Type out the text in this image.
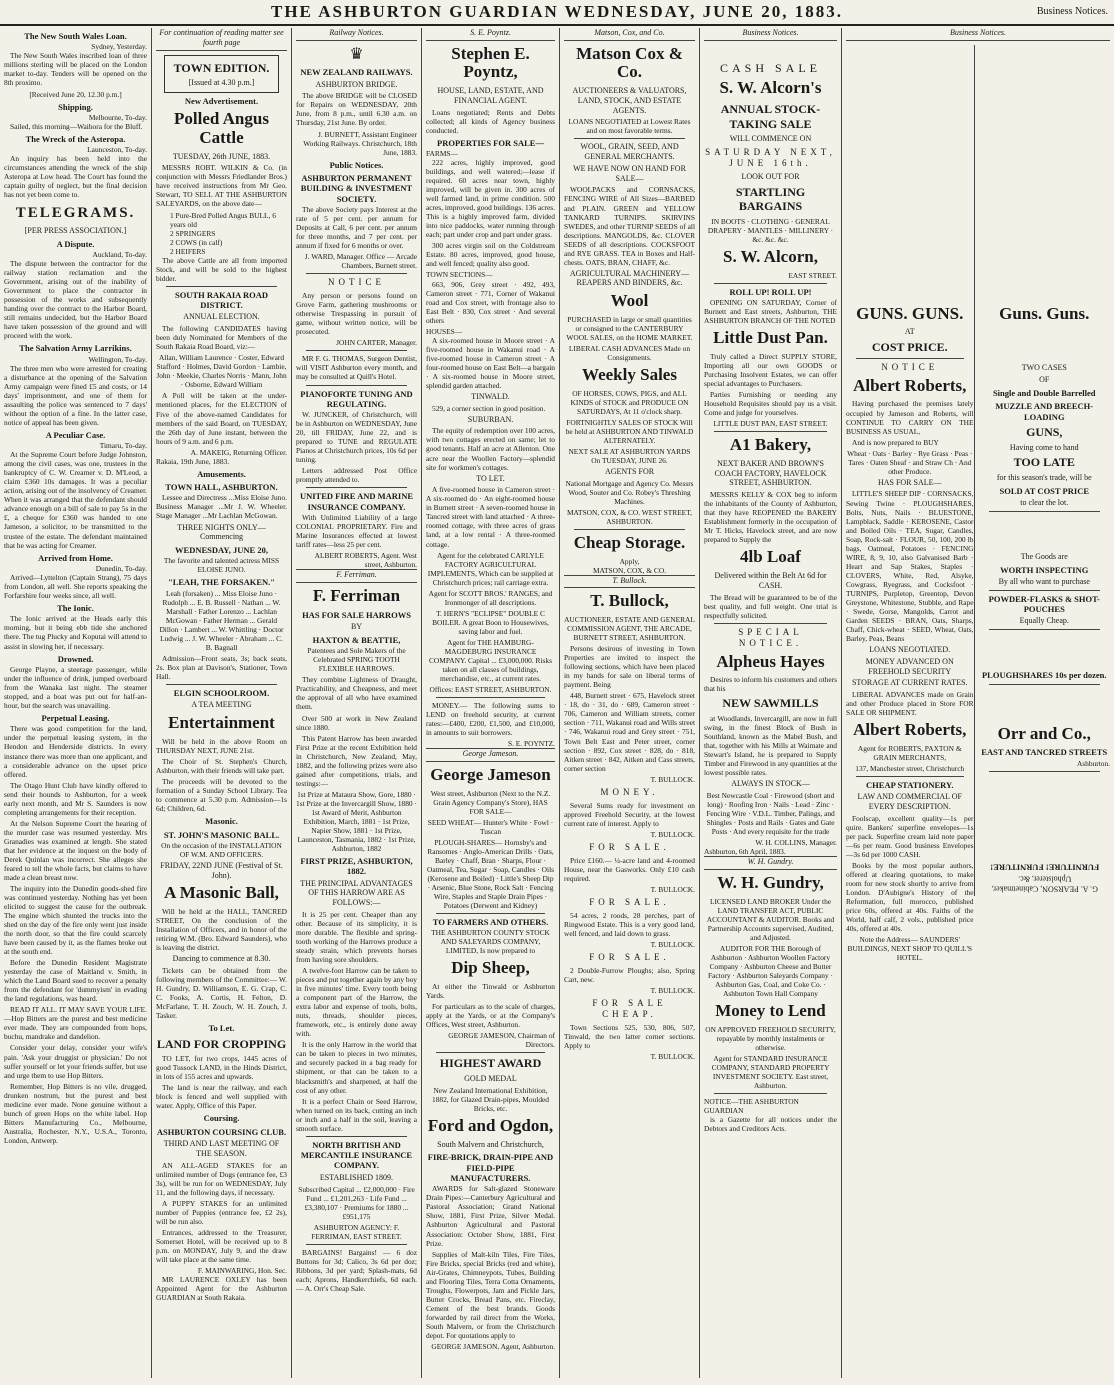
THE ASHBURTON GUARDIAN WEDNESDAY, JUNE 20, 1883.	Business Notices.
The New South Wales Loan.
Sydney, Yesterday.

The New South Wales inscribed loan of three millions sterling will be placed on the London market to-day. Tenders will be opened on the 8th proximo.

[Received June 20, 12.30 p.m.]

Shipping.
Melbourne, To-day.

Sailed, this morning—Waihora for the Bluff.

The Wreck of the Asteropa.
Launceston, To-day.

An inquiry has been held into the circumstances attending the wreck of the ship Asteropa at Low head. The Court has found the captain guilty of neglect, but the final decision has not yet been come to.

TELEGRAMS.
[PER PRESS ASSOCIATION.]
A Dispute.
Auckland, To-day.

The dispute between the contractor for the railway station reclamation and the Government, arising out of the inability of Government to place the contractor in possession of the works and subsequently handing over the contract to the Harbor Board, still remains undecided, but the Harbor Board have taken possession of the ground and will proceed with the work.

The Salvation Army Larrikins.
Wellington, To-day.

The three men who were arrested for creating a disturbance at the opening of the Salvation Army campaign were fined £5 and costs, or 14 days' imprisonment, and one of them for assaulting the police was sentenced to 7 days' without the option of a fine. In the latter case, notice of appeal has been given.

A Peculiar Case.
Timaru, To-day.

At the Supreme Court before Judge Johnston, among the civil cases, was one, trustees in the bankruptcy of C. W. Creamer v. D. M'Leod, a claim £360 10s damages. It was a peculiar action, arising out of the insolvency of Creamer. When it was arranged that the defendant should advance enough on a bill of sale to pay 5s in the £, a cheque for £360 was handed to one Jameson, a solicitor, to be transmitted to the trustee of the estate. The defendant maintained that he was acting for Creamer.

Arrived from Home.
Dunedin, To-day.

Arrived—Lyttelton (Captain Strang), 75 days from London, all well. She reports speaking the Forfarshire four weeks since, all well.

The Ionic.

The Ionic arrived at the Heads early this morning, but it being ebb tide she anchored there. The tug Plucky and Koputai will attend to assist in slowing her, if necessary.

Drowned.

George Playne, a steerage passenger, while under the influence of drink, jumped overboard from the Wanaka last night. The steamer stopped, and a boat was put out for half-an-hour, but the search was unavailing.

Perpetual Leasing.

There was good competition for the land, under the perpetual leasing system, in the Hendon and Henderside districts. In every instance there was more than one applicant, and a considerable advance on the upset price offered.

The Otago Hunt Club have kindly offered to send their hounds to Ashburton, for a week early next month, and Mr S. Saunders is now completing arrangements for their reception.

At the Nelson Supreme Court the hearing of the murder case was resumed yesterday. Mrs Granadies was examined at length. She stated that her evidence at the inquest on the body of Derek Quinlan was incorrect. She alleges she feared to tell the whole facts, but claims to have made a clean breast now.

The inquiry into the Dunedin goods-shed fire was continued yesterday. Nothing has yet been elicited to suggest the cause for the outbreak. The engine which shunted the trucks into the shed on the day of the fire only went just inside the north door, so that the fire could scarcely have been caused by it, as the flames broke out at the south end.

Before the Dunedin Resident Magistrate yesterday the case of Maitland v. Smith, in which the Land Board sued to recover a penalty from the defendant for 'dummyism' in evading the land regulations, was heard.

READ IT ALL. IT MAY SAVE YOUR LIFE.—Hop Bitters are the purest and best medicine ever made. They are compounded from hops, buchu, mandrake and dandelion.

Consider your delay, consider your wife's pain. 'Ask your druggist or physician.' Do not suffer yourself or let your friends suffer, but use and urge them to use Hop Bitters.

Remember, Hop Bitters is no vile, drugged, drunken nostrum, but the purest and best medicine ever made. None genuine without a bunch of green Hops on the white label. Hop Bitters Manufacturing Co., Melbourne, Australia, Rochester, N.Y., U.S.A., Toronto, London, Antwerp.

For continuation of reading matter see fourth page
TOWN EDITION.
[Issued at 4.30 p.m.]
New Advertisement.
Polled Angus Cattle
TUESDAY, 26th JUNE, 1883.

MESSRS ROBT. WILKIN & Co. (in conjunction with Messrs Friedlander Bros.) have received instructions from Mr Geo. Stewart, TO SELL AT THE ASHBURTON SALEYARDS, on the above date—

1 Pure-Bred Polled Angus BULL, 6 years old
2 SPRINGERS
2 COWS (in calf)
2 HEIFERS

The above Cattle are all from imported Stock, and will be sold to the highest bidder.

SOUTH RAKAIA ROAD DISTRICT.
ANNUAL ELECTION.

The following CANDIDATES having been duly Nominated for Members of the South Rakaia Road Board, viz:—

Allan, William Laurence · Coster, Edward Stafford · Holmes, David Gordon · Lambie, John · Meekie, Charles Norris · Mann, John · Osborne, Edward William

A Poll will be taken at the under-mentioned places, for the ELECTION of Five of the above-named Candidates for members of the said Board, on TUESDAY, the 26th day of June instant, between the hours of 9 a.m. and 6 p.m.

A. MAKEIG, Returning Officer.
Rakaia, 19th June, 1883.
Amusements.
TOWN HALL, ASHBURTON.

Lessee and Directress ...Miss Eloise Juno. Business Manager ...Mr J. W. Wheeler. Stage Manager ...Mr Lachlan McGowan.

THREE NIGHTS ONLY—Commencing
WEDNESDAY, JUNE 20,

The favorite and talented actress MISS ELOISE JUNO.

"LEAH, THE FORSAKEN."

Leah (forsaken) ... Miss Eloise Juno · Rudolph ... E. B. Russell · Nathan ... W. Marshall · Father Lorenzo ... Lachlan McGowan · Father Herman ... Gerald Dillon · Lambert ... W. Whittling · Doctor Ludwig ... J. W. Wheeler · Abraham ... C. B. Bagnall

Admission—Front seats, 3s; back seats, 2s. Box plan at Davison's, Stationer, Town Hall.

ELGIN SCHOOLROOM.
A TEA MEETING
Entertainment

Will be held in the above Room on THURSDAY NEXT, JUNE 21st.

The Choir of St. Stephen's Church, Ashburton, with their friends will take part.

The proceeds will be devoted to the formation of a Sunday School Library. Tea to commence at 5.30 p.m. Admission—1s 6d; Children, 6d.

Masonic.
ST. JOHN'S MASONIC BALL.

On the occasion of the INSTALLATION OF W.M. AND OFFICERS.

FRIDAY, 22ND JUNE (Festival of St. John).
A Masonic Ball,

Will be held at the HALL, TANCRED STREET, On the conclusion of the Installation of Officers, and in honor of the retiring W.M. (Bro. Edward Saunders), who is leaving the district.

Dancing to commence at 8.30.

Tickets can be obtained from the following members of the Committee:— W. H. Gundry, D. Williamson, E. G. Crap, C. C. Fooks, A. Cortis, H. Felton, D. McFarlane, T. H. Zouch, W. H. Zouch, J. Tasker.

To Let.
LAND FOR CROPPING

TO LET, for two crops, 1445 acres of good Tussock LAND, in the Hinds District, in lots of 155 acres and upwards.

The land is near the railway, and each block is fenced and well supplied with water. Apply, Office of this Paper.

Coursing.
ASHBURTON COURSING CLUB.
THIRD AND LAST MEETING OF THE SEASON.

AN ALL-AGED STAKES for an unlimited number of Dogs (entrance fee, £3 3s), will be run for on WEDNESDAY, July 11, and the following days, if necessary.

A PUPPY STAKES for an unlimited number of Puppies (entrance fee, £2 2s), will be run also.

Entrances, addressed to the Treasurer, Somerset Hotel, will be received up to 8 p.m. on MONDAY, July 9, and the draw will take place at the same time.

F. MAINWARING, Hon. Sec.

MR LAURENCE OXLEY has been Appointed Agent for the Ashburton GUARDIAN at South Rakaia.

Railway Notices.
♛
NEW ZEALAND RAILWAYS.
ASHBURTON BRIDGE.

The above BRIDGE will be CLOSED for Repairs on WEDNESDAY, 20th June, from 8 p.m., until 6.30 a.m. on Thursday, 21st June. By order.

J. BURNETT, Assistant Engineer Working Railways. Christchurch, 18th June, 1883.
Public Notices.
ASHBURTON PERMANENT BUILDING & INVESTMENT SOCIETY.

The above Society pays Interest at the rate of 5 per cent. per annum for Deposits at Call, 6 per cent. per annum for three months, and 7 per cent. per annum if fixed for 6 months or over.

J. WARD, Manager. Office — Arcade Chambers, Burnett street.
NOTICE

Any person or persons found on Grove Farm, gathering mushrooms or otherwise Trespassing in pursuit of game, without written notice, will be prosecuted.

JOHN CARTER, Manager.

MR F. G. THOMAS, Surgeon Dentist, will VISIT Ashburton every month, and may be consulted at Quill's Hotel.

PIANOFORTE TUNING AND REGULATING.

W. JUNCKER, of Christchurch, will be in Ashburton on WEDNESDAY, June 20, till FRIDAY, June 22, and is prepared to TUNE and REGULATE Pianos at Christchurch prices, 10s 6d per tuning.

Letters addressed Post Office promptly attended to.

UNITED FIRE AND MARINE INSURANCE COMPANY.

With Unlimited Liability of a large COLONIAL PROPRIETARY. Fire and Marine Insurances effected at lowest tariff rates—less 25 per cent.

ALBERT ROBERTS, Agent. West street, Ashburton.
F. Ferriman.
F. Ferriman
HAS FOR SALE HARROWS
BY
HAXTON & BEATTIE,

Patentees and Sole Makers of the Celebrated SPRING TOOTH FLEXIBLE HARROWS.

They combine Lightness of Draught, Practicability, and Cheapness, and meet the approval of all who have examined them.

Over 500 at work in New Zealand since 1880.

This Patent Harrow has been awarded First Prize at the recent Exhibition held in Christchurch, New Zealand, May, 1882, and the following prizes were also gained after competitions, trials, and testings:—

1st Prize at Mataura Show, Gore, 1880 · 1st Prize at the Invercargill Show, 1880 · 1st Award of Merit, Ashburton Exhibition, March, 1881 · 1st Prize, Napier Show, 1881 · 1st Prize, Launceston, Tasmania, 1882 · 1st Prize, Ashburton, 1882

FIRST PRIZE, ASHBURTON, 1882.
THE PRINCIPAL ADVANTAGES OF THIS HARROW ARE AS FOLLOWS:—

It is 25 per cent. Cheaper than any other. Because of its simplicity, it is more durable. The flexible and spring-tooth working of the Harrows produce a steady strain, which prevents horses from having sore shoulders.

A twelve-foot Harrow can be taken to pieces and put together again by any boy in five minutes' time. Every tooth being a component part of the Harrow, the extra labor and expense of tools, bolts, nuts, threads, shoulder pieces, framework, etc., is entirely done away with.

It is the only Harrow in the world that can be taken to pieces in two minutes, and securely packed in a bag ready for shipment, or that can be taken to a blacksmith's and sharpened, at half the cost of any other.

It is a perfect Chain or Seed Harrow, when turned on its back, cutting an inch or inch and a half in the soil, leaving a smooth surface.

NORTH BRITISH AND MERCANTILE INSURANCE COMPANY.
ESTABLISHED 1809.

Subscribed Capital ... £2,000,000 · Fire Fund ... £1,201,263 · Life Fund ... £3,380,107 · Premiums for 1880 ... £951,175

ASHBURTON AGENCY: F. FERRIMAN, EAST STREET.

BARGAINS! Bargains! — 6 doz Buttons for 3d; Calico, 3s 6d per doz; Ribbons, 3d per yard; Splash-mats, 6d each; Aprons, Handkerchiefs, 6d each.— A. Orr's Cheap Sale.

S. E. Poyntz.
Stephen E. Poyntz,
HOUSE, LAND, ESTATE, AND FINANCIAL AGENT.

Loans negotiated; Rents and Debts collected; all kinds of Agency business conducted.

PROPERTIES FOR SALE—
FARMS—

222 acres, highly improved, good buildings, and well watered;—lease if required. 60 acres near town, highly improved, will be given in. 300 acres of well farmed land, in prime condition. 500 acres, improved, good buildings. 136 acres. This is a highly improved farm, divided into nice paddocks, water running through each; part under crop and part under grass.

300 acres virgin soil on the Coldstream Estate. 80 acres, improved, good house, and well fenced; quality also good.

TOWN SECTIONS—

663, 906, Grey street · 492, 493, Cameron street · 771, Corner of Wakanui road and Cox street, with frontage also to East Belt · 830, Cox street · And several others

HOUSES—

A six-roomed house in Moore street · A five-roomed house in Wakanui road · A five-roomed house in Cameron street · A four-roomed house on East Belt—a bargain · A six-roomed house in Moore street, splendid garden attached.

TINWALD.

529, a corner section in good position.

SUBURBAN.

The equity of redemption over 100 acres, with two cottages erected on same; let to good tenants. Half an acre at Allenton. One acre near the Woollen Factory—splendid site for workmen's cottages.

TO LET.

A five-roomed house in Cameron street · A six-roomed do · An eight-roomed house in Burnett street · A seven-roomed house in Tancred street with land attached · A three-roomed cottage, with three acres of grass land, at a low rental · A three-roomed cottage.

Agent for the celebrated CARLYLE FACTORY AGRICULTURAL IMPLEMENTS, Which can be supplied at Christchurch prices; rail carriage extra.

Agent for SCOTT BROS.' RANGES, and Ironmonger of all descriptions.

T. HERN'S "ECLIPSE" DOUBLE C BOILER. A great Boon to Housewives, saving labor and fuel.

Agent for THE HAMBURG-MAGDEBURG INSURANCE COMPANY. Capital ... £3,000,000. Risks taken on all classes of buildings, merchandise, etc., at current rates.

Offices: EAST STREET, ASHBURTON.

MONEY.— The following sums to LEND on freehold security, at current rates:—£400, £200, £1,500, and £10,000, in amounts to suit borrowers.

S. E. POYNTZ.
George Jameson.
George Jameson

West street, Ashburton (Next to the N.Z. Grain Agency Company's Store), HAS FOR SALE—

SEED WHEAT— Hunter's White · Fowl · Tuscan

PLOUGH-SHARES— Hornsby's and Ransomes · Anglo-American Drills · Oats, Barley · Chaff, Bran · Sharps, Flour · Oatmeal, Tea, Sugar · Soap, Candles · Oils (Kerosene and Boiled) · Little's Sheep Dip · Arsenic, Blue Stone, Rock Salt · Fencing Wire, Staples and Staple Drain Pipes · Potatoes (Derwent and Kidney)

TO FARMERS AND OTHERS.

THE ASHBURTON COUNTY STOCK AND SALEYARDS COMPANY, LIMITED, Is now prepared to

Dip Sheep,

At either the Tinwald or Ashburton Yards.

For particulars as to the scale of charges, apply at the Yards, or at the Company's Offices, West street, Ashburton.

GEORGE JAMESON, Chairman of Directors.
HIGHEST AWARD
GOLD MEDAL

New Zealand International Exhibition, 1882, for Glazed Drain-pipes, Moulded Bricks, etc.

Ford and Ogdon,
South Malvern and Christchurch,
FIRE-BRICK, DRAIN-PIPE AND FIELD-PIPE MANUFACTURERS.

AWARDS for Salt-glazed Stoneware Drain Pipes:—Canterbury Agricultural and Pastoral Association; Grand National Show, 1881, First Prize, Silver Medal. Ashburton Agricultural and Pastoral Association: October Show, 1881, First Prize.

Supplies of Malt-kiln Tiles, Fire Tiles, Fire Bricks, special Bricks (red and white), Air-Grates, Chimneypots, Tubes, Building and Flooring Tiles, Terra Cotta Ornaments, Troughs, Flowerpots, Jam and Pickle Jars, Butter Crocks, Bread Pans, etc. Fireclay, Cement of the best brands. Goods forwarded by rail direct from the Works, South Malvern, or from the Christchurch depot. For quotations apply to

GEORGE JAMESON, Agent, Ashburton.
Matson, Cox, and Co.
Matson Cox & Co.
AUCTIONEERS & VALUATORS, LAND, STOCK, AND ESTATE AGENTS.

LOANS NEGOTIATED at Lowest Rates and on most favorable terms.

WOOL, GRAIN, SEED, AND GENERAL MERCHANTS.
WE HAVE NOW ON HAND FOR SALE—

WOOLPACKS and CORNSACKS, FENCING WIRE of All Sizes—BARBED and PLAIN. GREEN and YELLOW TANKARD TURNIPS. SKIRVINS SWEDES, and other TURNIP SEEDS of all descriptions. MANGOLDS, &c. CLOVER SEEDS of all descriptions. COCKSFOOT and RYE GRASS. TEA in Boxes and Half-chests. OATS, BRAN, CHAFF, &c.

AGRICULTURAL MACHINERY—REAPERS AND BINDERS, &c.
Wool

PURCHASED in large or small quantities or consigned to the CANTERBURY WOOL SALES, on the HOME MARKET.

LIBERAL CASH ADVANCES Made on Consignments.

Weekly Sales

OF HORSES, COWS, PIGS, and ALL KINDS of STOCK and PRODUCE ON SATURDAYS, At 11 o'clock sharp.

FORTNIGHTLY SALES OF STOCK Will be held at ASHBURTON AND TINWALD ALTERNATELY.

NEXT SALE AT ASHBURTON YARDS On TUESDAY, JUNE 26.

AGENTS FOR

National Mortgage and Agency Co. Messrs Wood, Souter and Co. Robey's Threshing Machines.

MATSON, COX, & CO. WEST STREET, ASHBURTON.
Cheap Storage.
Apply,
MATSON, COX, & CO.
T. Bullock.
T. Bullock,

AUCTIONEER, ESTATE AND GENERAL COMMISSION AGENT, THE ARCADE, BURNETT STREET, ASHBURTON.

Persons desirous of investing in Town Properties are invited to inspect the following sections, which have been placed in my hands for sale on liberal terms of payment. Being

448, Burnett street · 675, Havelock street · 18, do · 31, do · 689, Cameron street · 706, Cameron and William streets, corner section · 711, Wakanui road and Wills street · 746, Wakanui road and Grey street · 751, Town Belt East and Peter street, corner section · 892, Cox street · 828, do · 818, Aitken street · 842, Aitken and Cass streets, corner section

T. BULLOCK.
MONEY.

Several Sums ready for investment on approved Freehold Security, at the lowest current rate of interest. Apply to

T. BULLOCK.
FOR SALE.

Price £160.— ¼-acre land and 4-roomed House, near the Gasworks. Only £10 cash required.

T. BULLOCK.
FOR SALE.

54 acres, 2 roods, 28 perches, part of Ringwood Estate. This is a very good land, well fenced, and laid down to grass.

T. BULLOCK.
FOR SALE.

2 Double-Furrow Ploughs; also, Spring Cart, new.

T. BULLOCK.
FOR SALE CHEAP.

Town Sections 525, 530, 806, 507, Tinwald, the two latter corner sections. Apply to

T. BULLOCK.
Business Notices.
CASH SALE
S. W. Alcorn's
ANNUAL STOCK-TAKING SALE
WILL COMMENCE ON
SATURDAY NEXT, JUNE 16th.
LOOK OUT FOR
STARTLING BARGAINS

IN BOOTS · CLOTHING · GENERAL DRAPERY · MANTLES · MILLINERY · &c. &c. &c.

S. W. Alcorn,
EAST STREET.
ROLL UP! ROLL UP!

OPENING ON SATURDAY, Corner of Burnett and East streets, Ashburton, THE ASHBURTON BRANCH OF THE NOTED

Little Dust Pan.

Truly called a Direct SUPPLY STORE, Importing all our own GOODS or Purchasing Insolvent Estates, we can offer special advantages to Purchasers.

Parties Furnishing or needing any Household Requisites should pay us a visit. Come and judge for yourselves.

LITTLE DUST PAN, EAST STREET.
A1 Bakery,
NEXT BAKER AND BROWN'S COACH FACTORY, HAVELOCK STREET, ASHBURTON.

MESSRS KELLY & COX beg to inform the inhabitants of the County of Ashburton, that they have REOPENED the BAKERY Establishment formerly in the occupation of Mr T. Hicks, Havelock street, and are now prepared to Supply the

4lb Loaf
Delivered within the Belt At 6d for CASH.

The Bread will be guaranteed to be of the best quality, and full weight. One trial is respectfully solicited.

SPECIAL NOTICE.
Alpheus Hayes

Desires to inform his customers and others that his

NEW SAWMILLS

at Woodlands, Invercargill, are now in full swing, in the finest Block of Bush in Southland, known as the Mabel Bush, and that, together with his Mills at Waimate and Stewart's Island, he is prepared to Supply Timber and Firewood in any quantities at the lowest possible rates.

ALWAYS IN STOCK—

Best Newcastle Coal · Firewood (short and long) · Roofing Iron · Nails · Lead · Zinc · Fencing Wire · V.D.L. Timber, Palings, and Shingles · Posts and Rails · Gates and Gate Posts · And every requisite for the trade

W. H. COLLINS, Manager.
Ashburton, 6th April, 1883.
W. H. Gundry.
W. H. Gundry,

LICENSED LAND BROKER Under the LAND TRANSFER ACT, PUBLIC ACCOUNTANT & AUDITOR. Books and Partnership Accounts supervised, Audited, and Adjusted.

AUDITOR FOR THE Borough of Ashburton · Ashburton Woollen Factory Company · Ashburton Cheese and Butter Factory · Ashburton Saleyards Company · Ashburton Gas, Coal, and Coke Co. · Ashburton Town Hall Company

Money to Lend

ON APPROVED FREEHOLD SECURITY, repayable by monthly instalments or otherwise.

Agent for STANDARD INSURANCE COMPANY, STANDARD PROPERTY INVESTMENT SOCIETY. East street, Ashburton.

NOTICE—THE ASHBURTON GUARDIAN

is a Gazette for all notices under the Debtors and Creditors Acts.

Business Notices.
GUNS. GUNS.
AT
COST PRICE.
NOTICE
Albert Roberts,

Having purchased the premises lately occupied by Jameson and Roberts, will CONTINUE TO CARRY ON THE BUSINESS AS USUAL,

And is now prepared to BUY

Wheat · Oats · Barley · Rye Grass · Peas · Tares · Oaten Sheaf · and Straw Ch · And other Produce.

HAS FOR SALE—

LITTLE'S SHEEP DIP · CORNSACKS, Sewing Twine · PLOUGHSHARES, Bolts, Nuts, Nails · BLUESTONE, Lampblack, Saddle · KEROSENE, Castor and Boiled Oils · TEA, Sugar, Candles, Soap, Rock-salt · FLOUR, 50, 100, 200 lb bags, Oatmeal, Potatoes · FENCING WIRE, 8, 9, 10, also Galvanised Barb · Heart and Sap Stakes, Staples · CLOVERS, White, Red, Alsyke, Cowgrass, Ryegrass, and Cocksfoot · TURNIPS, Purpletop, Greentop, Devon Greystone, Whitestone, Stubble, and Rape · Swede, Gorse, Mangolds, Carrot and Garden SEEDS · BRAN, Oats, Sharps, Chaff, Chick-wheat · SEED, Wheat, Oats, Barley, Peas, Beans

LOANS NEGOTIATED.
MONEY ADVANCED ON FREEHOLD SECURITY
STORAGE AT CURRENT RATES.

LIBERAL ADVANCES made on Grain and other Produce placed in Store FOR SALE OR SHIPMENT.

Albert Roberts,

Agent for ROBERTS, PAXTON & GRAIN MERCHANTS,

137, Manchester street, Christchurch
CHEAP STATIONERY.
LAW AND COMMERCIAL OF EVERY DESCRIPTION.

Foolscap, excellent quality—1s per quire. Bankers' superfine envelopes—1s per pack. Superfine cream laid note paper—6s per ream. Good business Envelopes—3s 6d per 1000 CASH.

Books by the most popular authors, offered at clearing quotations, to make room for new stock shortly to arrive from London. D'Aubigne's History of the Reformation, full morocco, published price 60s, offered at 40s. Faiths of the World, half calf, 2 vols., published price 40s, offered at 40s.

Note the Address— SAUNDERS' BUILDINGS, NEXT SHOP TO QUILL'S HOTEL.

Guns. Guns.
TWO CASES
OF
Single and Double Barrelled
MUZZLE AND BREECH-LOADING
GUNS,
Having come to hand
TOO LATE
for this season's trade, will be
SOLD AT COST PRICE
to clear the lot.
The Goods are
WORTH INSPECTING
By all who want to purchase
POWDER-FLASKS & SHOT-POUCHES
Equally Cheap.
PLOUGHSHARES 10s per dozen.
Orr and Co.,
EAST AND TANCRED STREETS
Ashburton.
FURNITURE! FURNITURE!
G. A. PEARSON, Cabinetmaker, Upholsterer, &c.
